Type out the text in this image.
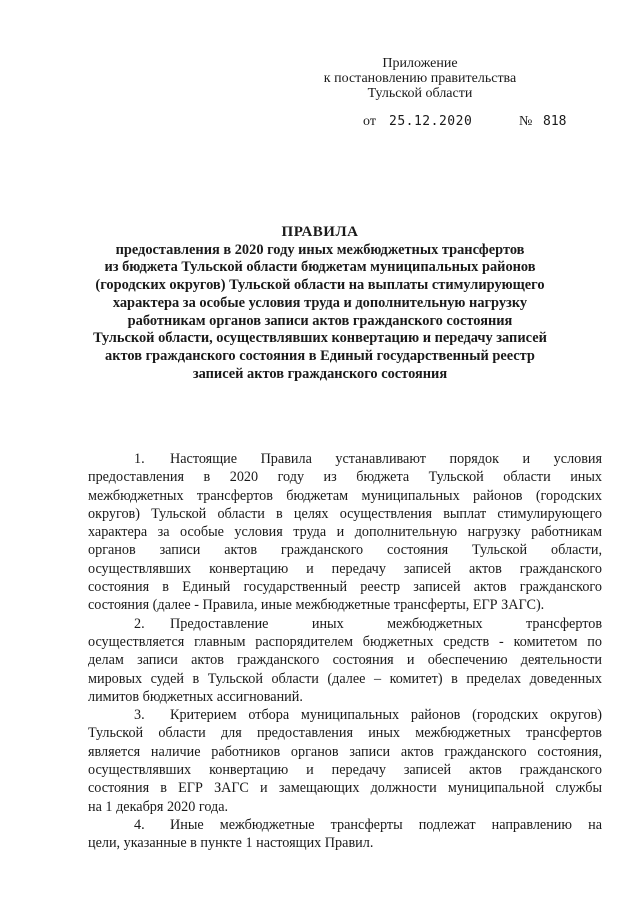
Приложение
к постановлению правительства
Тульской области
от 25.12.2020	№ 818
ПРАВИЛА
предоставления в 2020 году иных межбюджетных трансфертов
из бюджета Тульской области бюджетам муниципальных районов
(городских округов) Тульской области на выплаты стимулирующего
характера за особые условия труда и дополнительную нагрузку
работникам органов записи актов гражданского состояния
Тульской области, осуществлявших конвертацию и передачу записей
актов гражданского состояния в Единый государственный реестр
записей актов гражданского состояния
1. Настоящие Правила устанавливают порядок и условия
предоставления в 2020 году из бюджета Тульской области иных
межбюджетных трансфертов бюджетам муниципальных районов (городских
округов) Тульской области в целях осуществления выплат стимулирующего
характера за особые условия труда и дополнительную нагрузку работникам
органов записи актов гражданского состояния Тульской области,
осуществлявших конвертацию и передачу записей актов гражданского
состояния в Единый государственный реестр записей актов гражданского
состояния (далее - Правила, иные межбюджетные трансферты, ЕГР ЗАГС).
2. Предоставление	иных	межбюджетных	трансфертов
осуществляется главным распорядителем бюджетных средств - комитетом по
делам записи актов гражданского состояния и обеспечению деятельности
мировых судей в Тульской области (далее – комитет) в пределах доведенных
лимитов бюджетных ассигнований.
3. Критерием отбора муниципальных районов (городских округов)
Тульской области для предоставления иных межбюджетных трансфертов
является наличие работников органов записи актов гражданского состояния,
осуществлявших конвертацию и передачу записей актов гражданского
состояния в ЕГР ЗАГС и замещающих должности муниципальной службы
на 1 декабря 2020 года.
4. Иные межбюджетные трансферты подлежат направлению на
цели, указанные в пункте 1 настоящих Правил.
